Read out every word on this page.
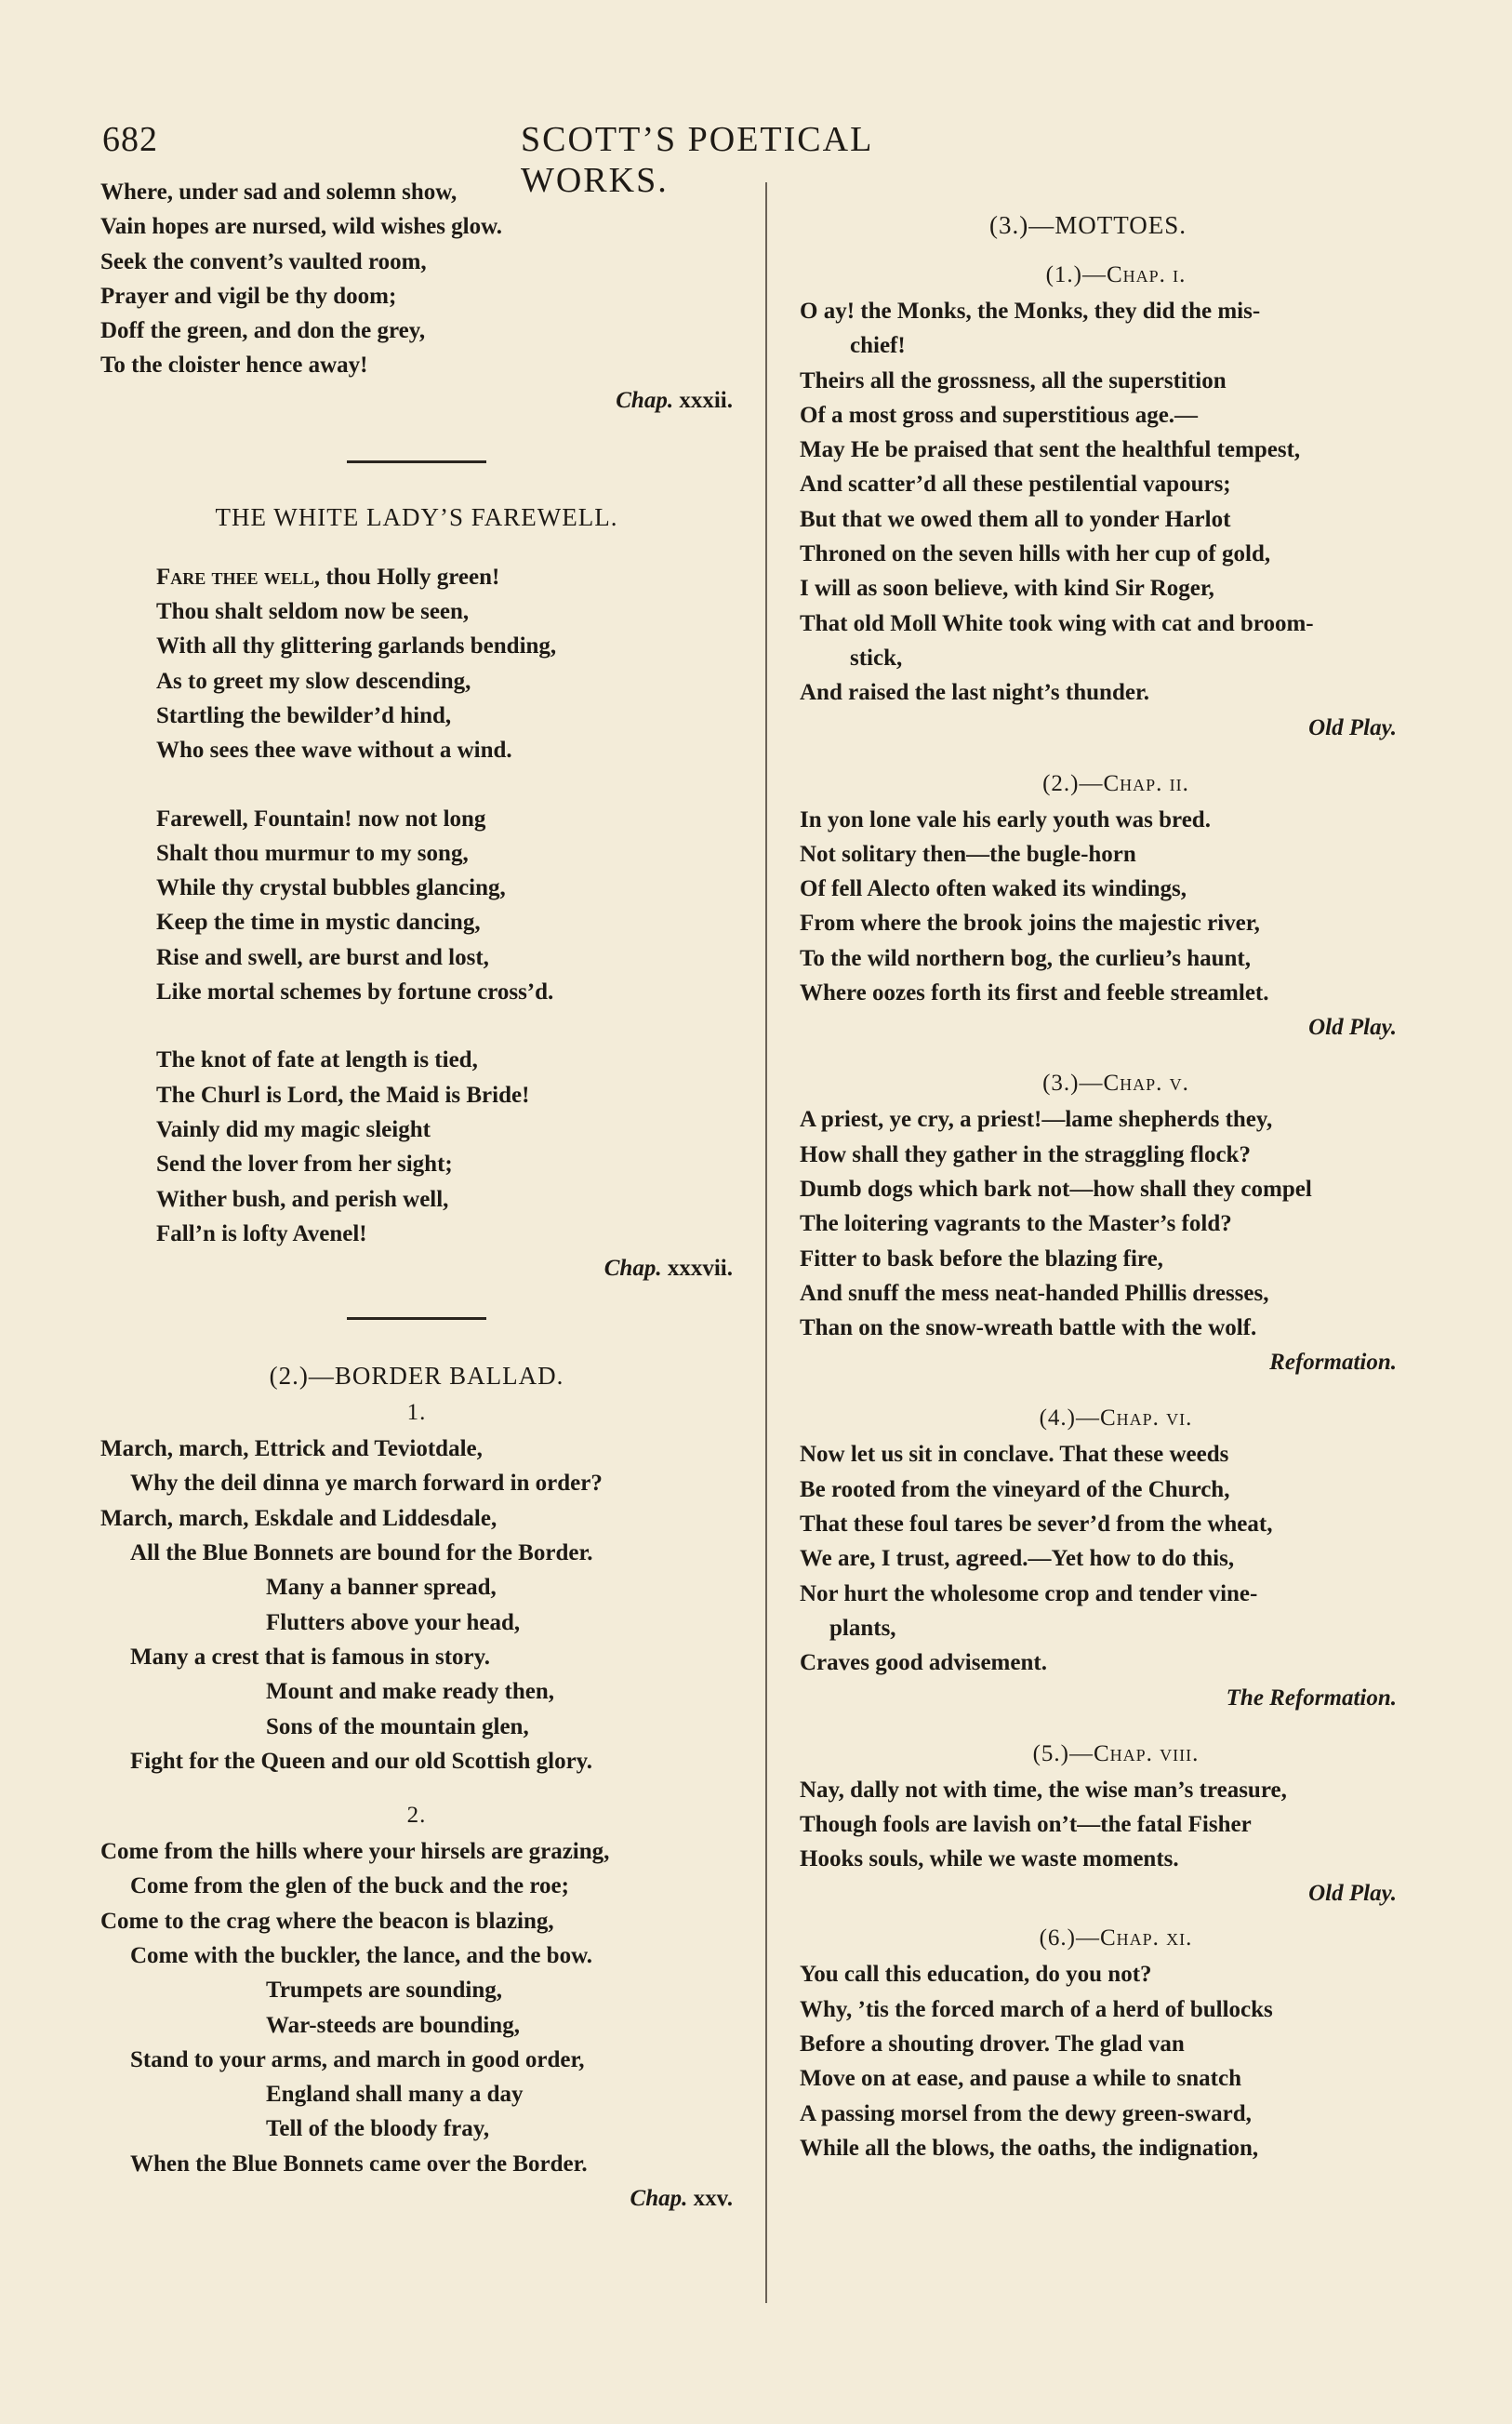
682	SCOTT’S POETICAL WORKS.
Where, under sad and solemn show,
Vain hopes are nursed, wild wishes glow.
Seek the convent’s vaulted room,
Prayer and vigil be thy doom;
Doff the green, and don the grey,
To the cloister hence away!
Chap. xxxii.
THE WHITE LADY’S FAREWELL.
Fare thee well, thou Holly green!
Thou shalt seldom now be seen,
With all thy glittering garlands bending,
As to greet my slow descending,
Startling the bewilder’d hind,
Who sees thee wave without a wind.
Farewell, Fountain! now not long
Shalt thou murmur to my song,
While thy crystal bubbles glancing,
Keep the time in mystic dancing,
Rise and swell, are burst and lost,
Like mortal schemes by fortune cross’d.
The knot of fate at length is tied,
The Churl is Lord, the Maid is Bride!
Vainly did my magic sleight
Send the lover from her sight;
Wither bush, and perish well,
Fall’n is lofty Avenel!
Chap. xxxvii.
(2.)—BORDER BALLAD.
1.
March, march, Ettrick and Teviotdale,
Why the deil dinna ye march forward in order?
March, march, Eskdale and Liddesdale,
All the Blue Bonnets are bound for the Border.
Many a banner spread,
Flutters above your head,
Many a crest that is famous in story.
Mount and make ready then,
Sons of the mountain glen,
Fight for the Queen and our old Scottish glory.
2.
Come from the hills where your hirsels are grazing,
Come from the glen of the buck and the roe;
Come to the crag where the beacon is blazing,
Come with the buckler, the lance, and the bow.
Trumpets are sounding,
War-steeds are bounding,
Stand to your arms, and march in good order,
England shall many a day
Tell of the bloody fray,
When the Blue Bonnets came over the Border.
Chap. xxv.
(3.)—MOTTOES.
(1.)—Chap. i.
O ay! the Monks, the Monks, they did the mis-
chief!
Theirs all the grossness, all the superstition
Of a most gross and superstitious age.—
May He be praised that sent the healthful tempest,
And scatter’d all these pestilential vapours;
But that we owed them all to yonder Harlot
Throned on the seven hills with her cup of gold,
I will as soon believe, with kind Sir Roger,
That old Moll White took wing with cat and broom-
stick,
And raised the last night’s thunder.
Old Play.
(2.)—Chap. ii.
In yon lone vale his early youth was bred.
Not solitary then—the bugle-horn
Of fell Alecto often waked its windings,
From where the brook joins the majestic river,
To the wild northern bog, the curlieu’s haunt,
Where oozes forth its first and feeble streamlet.
Old Play.
(3.)—Chap. v.
A priest, ye cry, a priest!—lame shepherds they,
How shall they gather in the straggling flock?
Dumb dogs which bark not—how shall they compel
The loitering vagrants to the Master’s fold?
Fitter to bask before the blazing fire,
And snuff the mess neat-handed Phillis dresses,
Than on the snow-wreath battle with the wolf.
Reformation.
(4.)—Chap. vi.
Now let us sit in conclave. That these weeds
Be rooted from the vineyard of the Church,
That these foul tares be sever’d from the wheat,
We are, I trust, agreed.—Yet how to do this,
Nor hurt the wholesome crop and tender vine-
plants,
Craves good advisement.
The Reformation.
(5.)—Chap. viii.
Nay, dally not with time, the wise man’s treasure,
Though fools are lavish on’t—the fatal Fisher
Hooks souls, while we waste moments.
Old Play.
(6.)—Chap. xi.
You call this education, do you not?
Why, ’tis the forced march of a herd of bullocks
Before a shouting drover. The glad van
Move on at ease, and pause a while to snatch
A passing morsel from the dewy green-sward,
While all the blows, the oaths, the indignation,
